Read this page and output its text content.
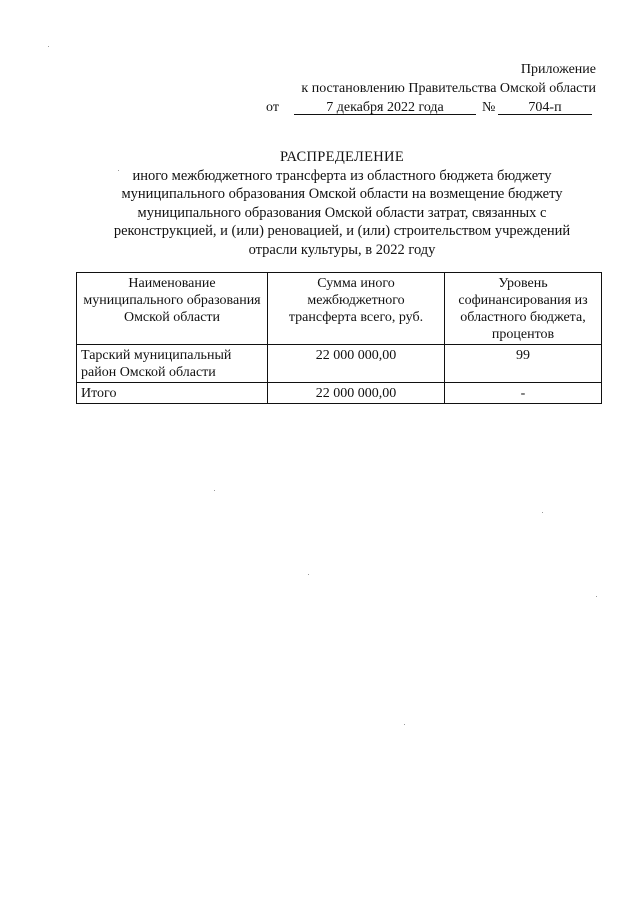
Приложение
к постановлению Правительства Омской области
от	7 декабря 2022 года	№	704-п
РАСПРЕДЕЛЕНИЕ
иного межбюджетного трансферта из областного бюджета бюджету
муниципального образования Омской области на возмещение бюджету
муниципального образования Омской области затрат, связанных с
реконструкцией, и (или) реновацией, и (или) строительством учреждений
отрасли культуры, в 2022 году
Наименование муниципального образования Омской области	Сумма иного межбюджетного трансферта всего, руб.	Уровень софинансирования из областного бюджета, процентов
Тарский муниципальный район Омской области	22 000 000,00	99
Итого	22 000 000,00	-
